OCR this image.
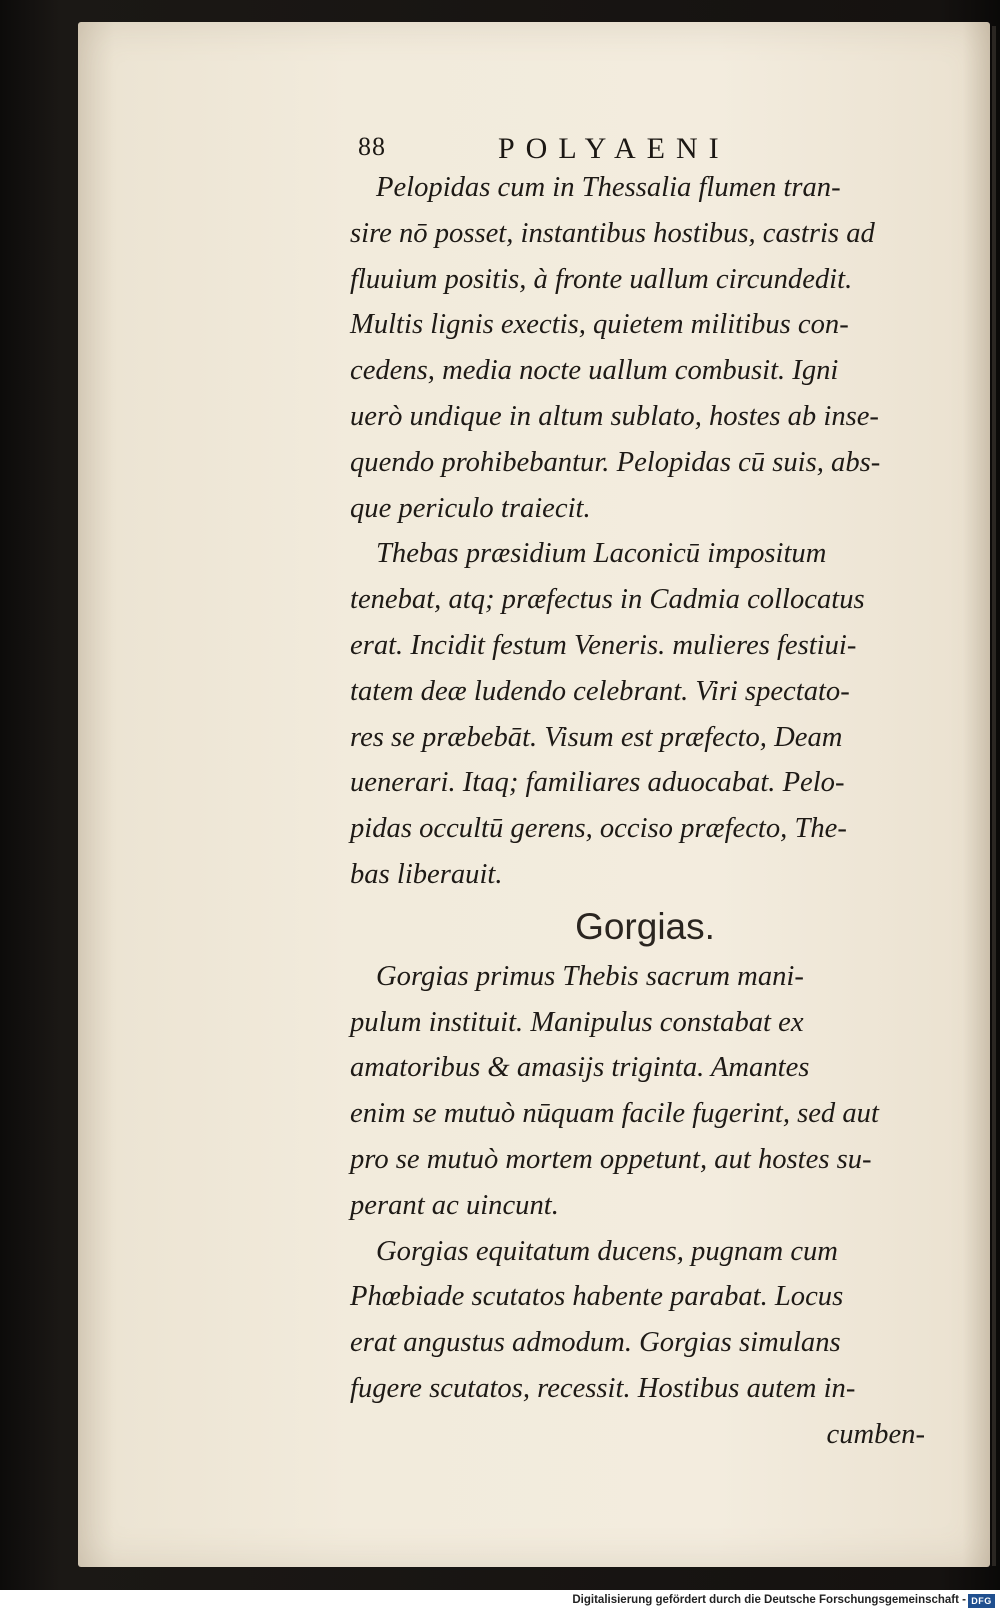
88	POLYAENI
Pelopidas cum in Thessalia flumen tran-
sire nō posset, instantibus hostibus, castris ad
fluuium positis, à fronte uallum circundedit.
Multis lignis exectis, quietem militibus con-
cedens, media nocte uallum combusit. Igni
uerò undique in altum sublato, hostes ab inse-
quendo prohibebantur. Pelopidas cū suis, abs-
que periculo traiecit.
Thebas præsidium Laconicū impositum
tenebat, atq; præfectus in Cadmia collocatus
erat. Incidit festum Veneris. mulieres festiui-
tatem deæ ludendo celebrant. Viri spectato-
res se præbebāt. Visum est præfecto, Deam
uenerari. Itaq; familiares aduocabat. Pelo-
pidas occultū gerens, occiso præfecto, The-
bas liberauit.
Gorgias.
Gorgias primus Thebis sacrum mani-
pulum instituit. Manipulus constabat ex
amatoribus & amasijs triginta. Amantes
enim se mutuò nūquam facile fugerint, sed aut
pro se mutuò mortem oppetunt, aut hostes su-
perant ac uincunt.
Gorgias equitatum ducens, pugnam cum
Phœbiade scutatos habente parabat. Locus
erat angustus admodum. Gorgias simulans
fugere scutatos, recessit. Hostibus autem in-
cumben-
Digitalisierung gefördert durch die Deutsche Forschungsgemeinschaft - DFG
